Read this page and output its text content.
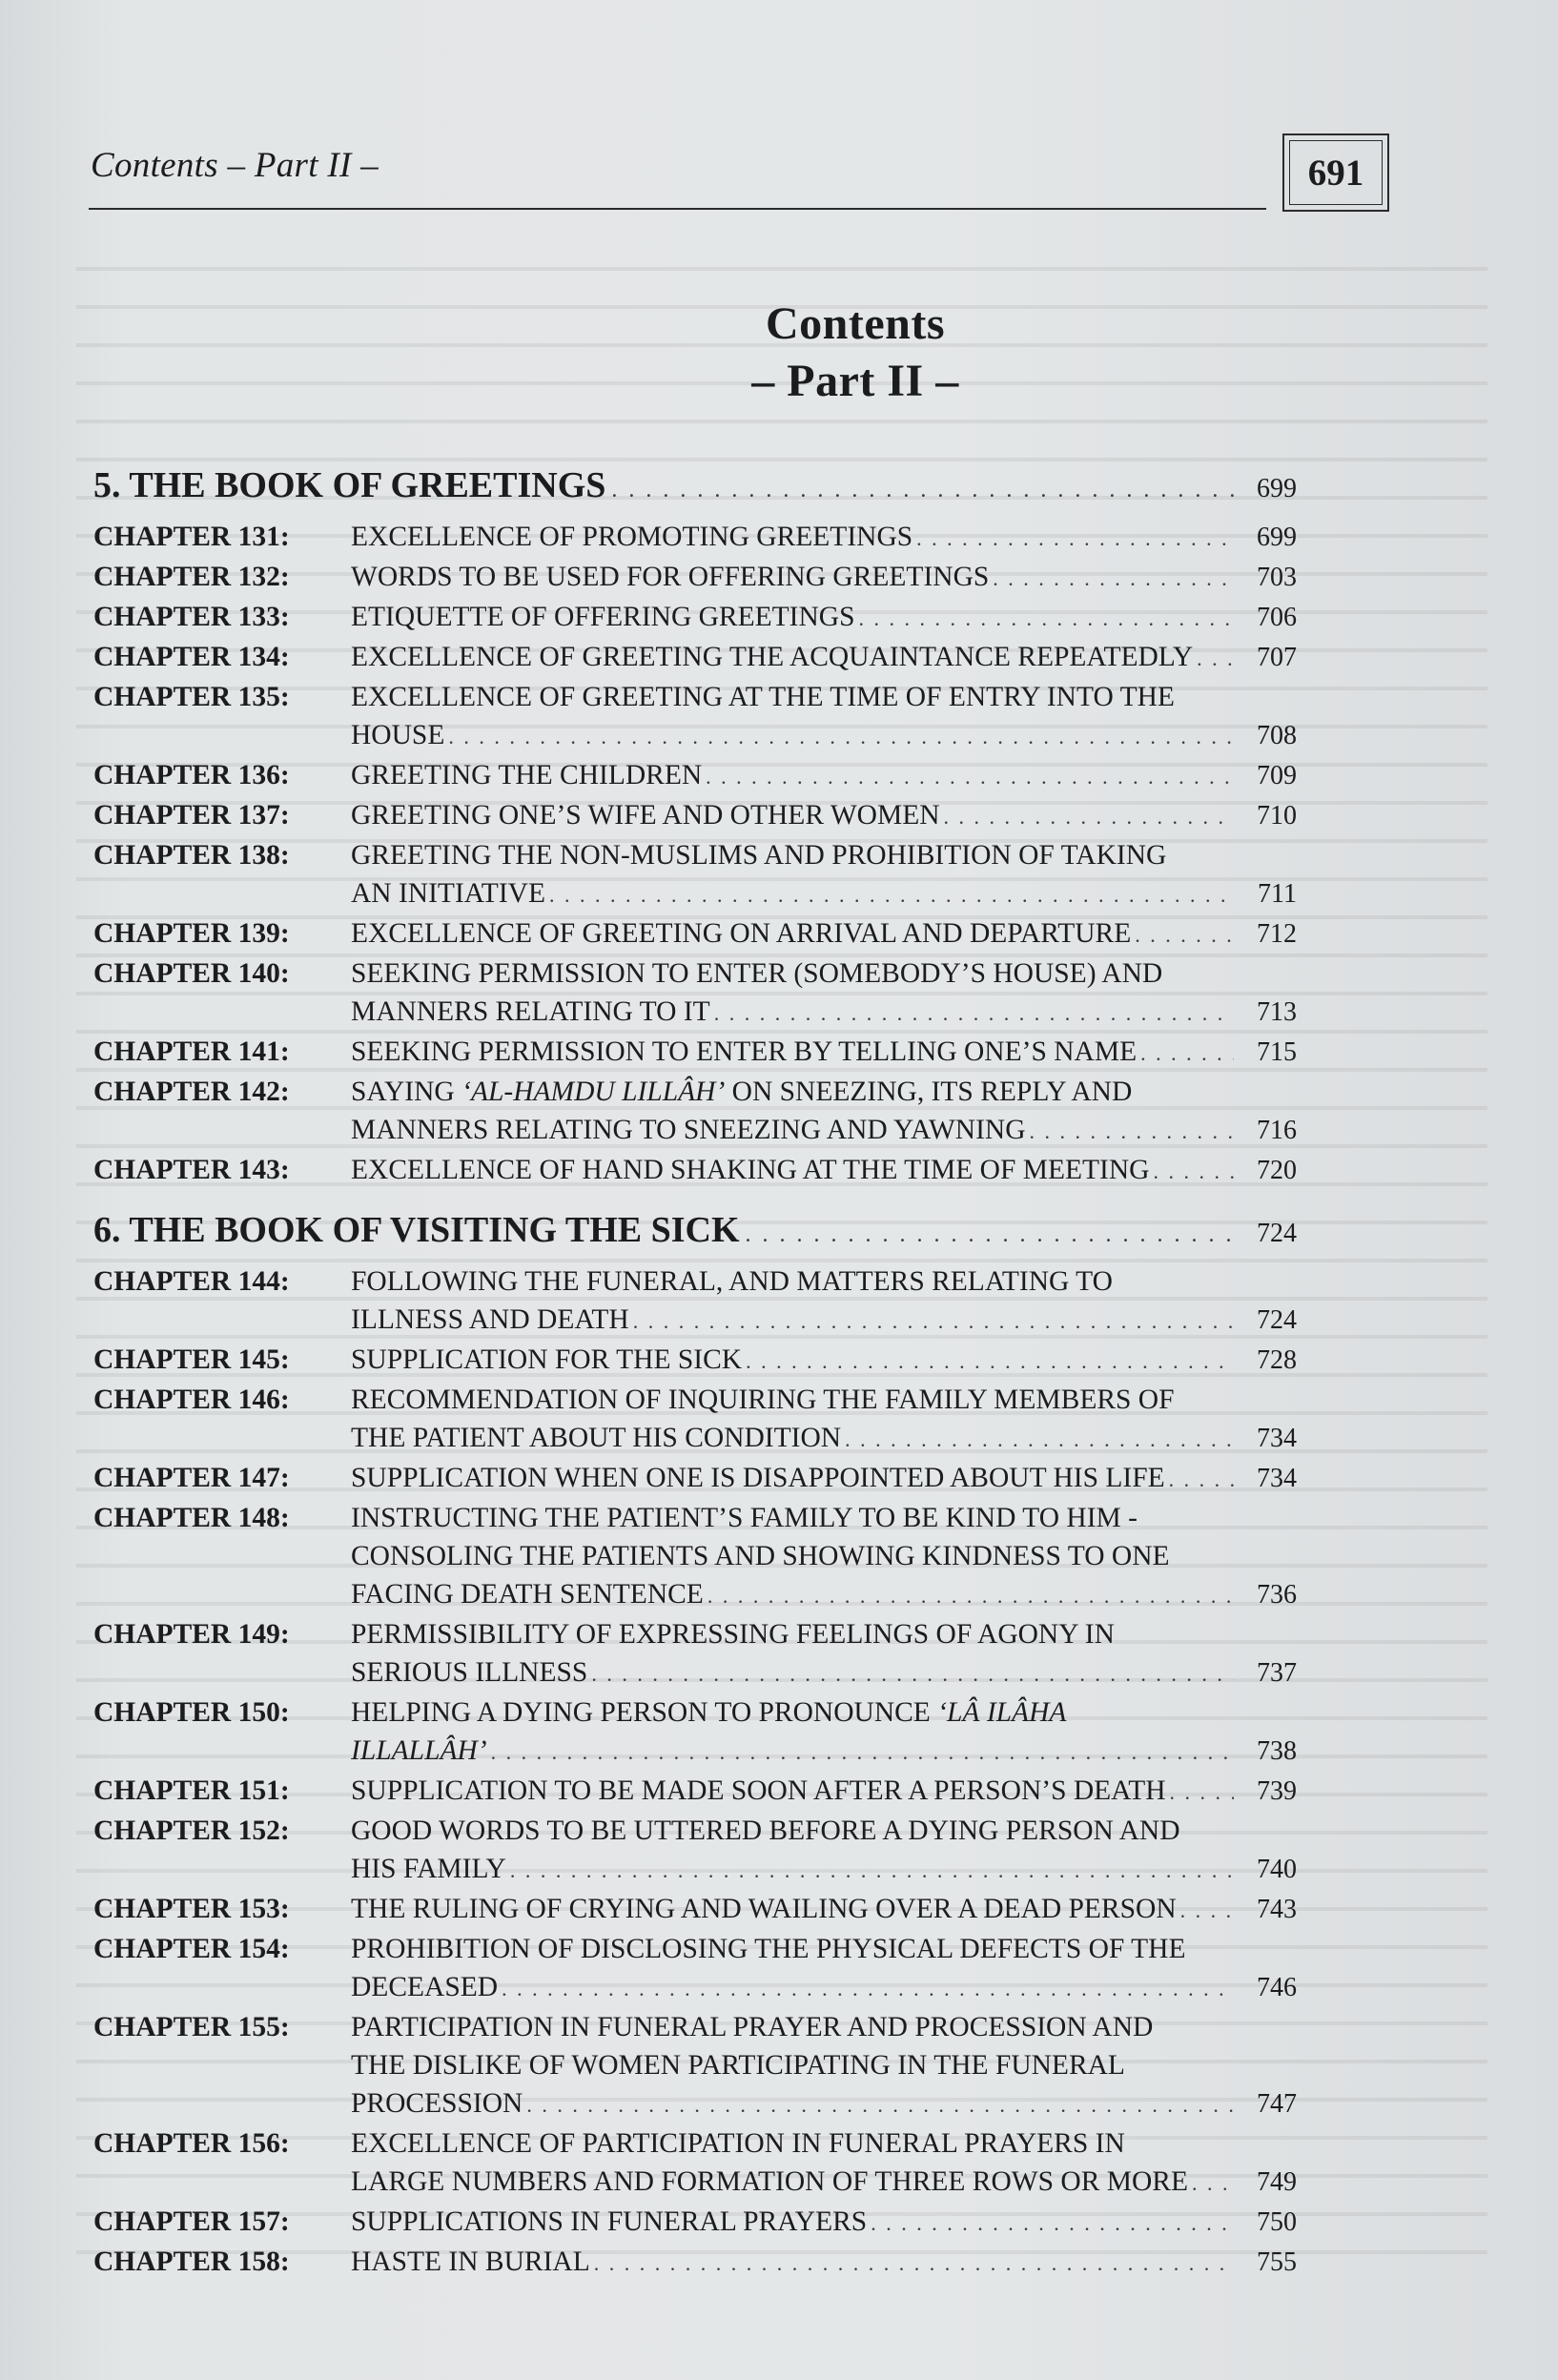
Contents – Part II –	691
Contents
– Part II –
5. THE BOOK OF GREETINGS . . .	699
CHAPTER 131:	EXCELLENCE OF PROMOTING GREETINGS . . .	699
CHAPTER 132:	WORDS TO BE USED FOR OFFERING GREETINGS . . .	703
CHAPTER 133:	ETIQUETTE OF OFFERING GREETINGS . . .	706
CHAPTER 134:	EXCELLENCE OF GREETING THE ACQUAINTANCE REPEATEDLY . . .	707
CHAPTER 135:	EXCELLENCE OF GREETING AT THE TIME OF ENTRY INTO THE
HOUSE . . .	708
CHAPTER 136:	GREETING THE CHILDREN . . .	709
CHAPTER 137:	GREETING ONE’S WIFE AND OTHER WOMEN . . .	710
CHAPTER 138:	GREETING THE NON-MUSLIMS AND PROHIBITION OF TAKING
AN INITIATIVE . . .	711
CHAPTER 139:	EXCELLENCE OF GREETING ON ARRIVAL AND DEPARTURE . . .	712
CHAPTER 140:	SEEKING PERMISSION TO ENTER (SOMEBODY’S HOUSE) AND
MANNERS RELATING TO IT . . .	713
CHAPTER 141:	SEEKING PERMISSION TO ENTER BY TELLING ONE’S NAME . . .	715
CHAPTER 142:	SAYING ‘AL-HAMDU LILLÂH’ ON SNEEZING, ITS REPLY AND
MANNERS RELATING TO SNEEZING AND YAWNING . . .	716
CHAPTER 143:	EXCELLENCE OF HAND SHAKING AT THE TIME OF MEETING . . .	720
6. THE BOOK OF VISITING THE SICK . . .	724
CHAPTER 144:	FOLLOWING THE FUNERAL, AND MATTERS RELATING TO
ILLNESS AND DEATH . . .	724
CHAPTER 145:	SUPPLICATION FOR THE SICK . . .	728
CHAPTER 146:	RECOMMENDATION OF INQUIRING THE FAMILY MEMBERS OF
THE PATIENT ABOUT HIS CONDITION . . .	734
CHAPTER 147:	SUPPLICATION WHEN ONE IS DISAPPOINTED ABOUT HIS LIFE . . .	734
CHAPTER 148:	INSTRUCTING THE PATIENT’S FAMILY TO BE KIND TO HIM -
CONSOLING THE PATIENTS AND SHOWING KINDNESS TO ONE
FACING DEATH SENTENCE . . .	736
CHAPTER 149:	PERMISSIBILITY OF EXPRESSING FEELINGS OF AGONY IN
SERIOUS ILLNESS . . .	737
CHAPTER 150:	HELPING A DYING PERSON TO PRONOUNCE ‘LÂ ILÂHA
ILLALLÂH’ . . .	738
CHAPTER 151:	SUPPLICATION TO BE MADE SOON AFTER A PERSON’S DEATH . . .	739
CHAPTER 152:	GOOD WORDS TO BE UTTERED BEFORE A DYING PERSON AND
HIS FAMILY . . .	740
CHAPTER 153:	THE RULING OF CRYING AND WAILING OVER A DEAD PERSON . . .	743
CHAPTER 154:	PROHIBITION OF DISCLOSING THE PHYSICAL DEFECTS OF THE
DECEASED . . .	746
CHAPTER 155:	PARTICIPATION IN FUNERAL PRAYER AND PROCESSION AND
THE DISLIKE OF WOMEN PARTICIPATING IN THE FUNERAL
PROCESSION . . .	747
CHAPTER 156:	EXCELLENCE OF PARTICIPATION IN FUNERAL PRAYERS IN
LARGE NUMBERS AND FORMATION OF THREE ROWS OR MORE . . .	749
CHAPTER 157:	SUPPLICATIONS IN FUNERAL PRAYERS . . .	750
CHAPTER 158:	HASTE IN BURIAL . . .	755
